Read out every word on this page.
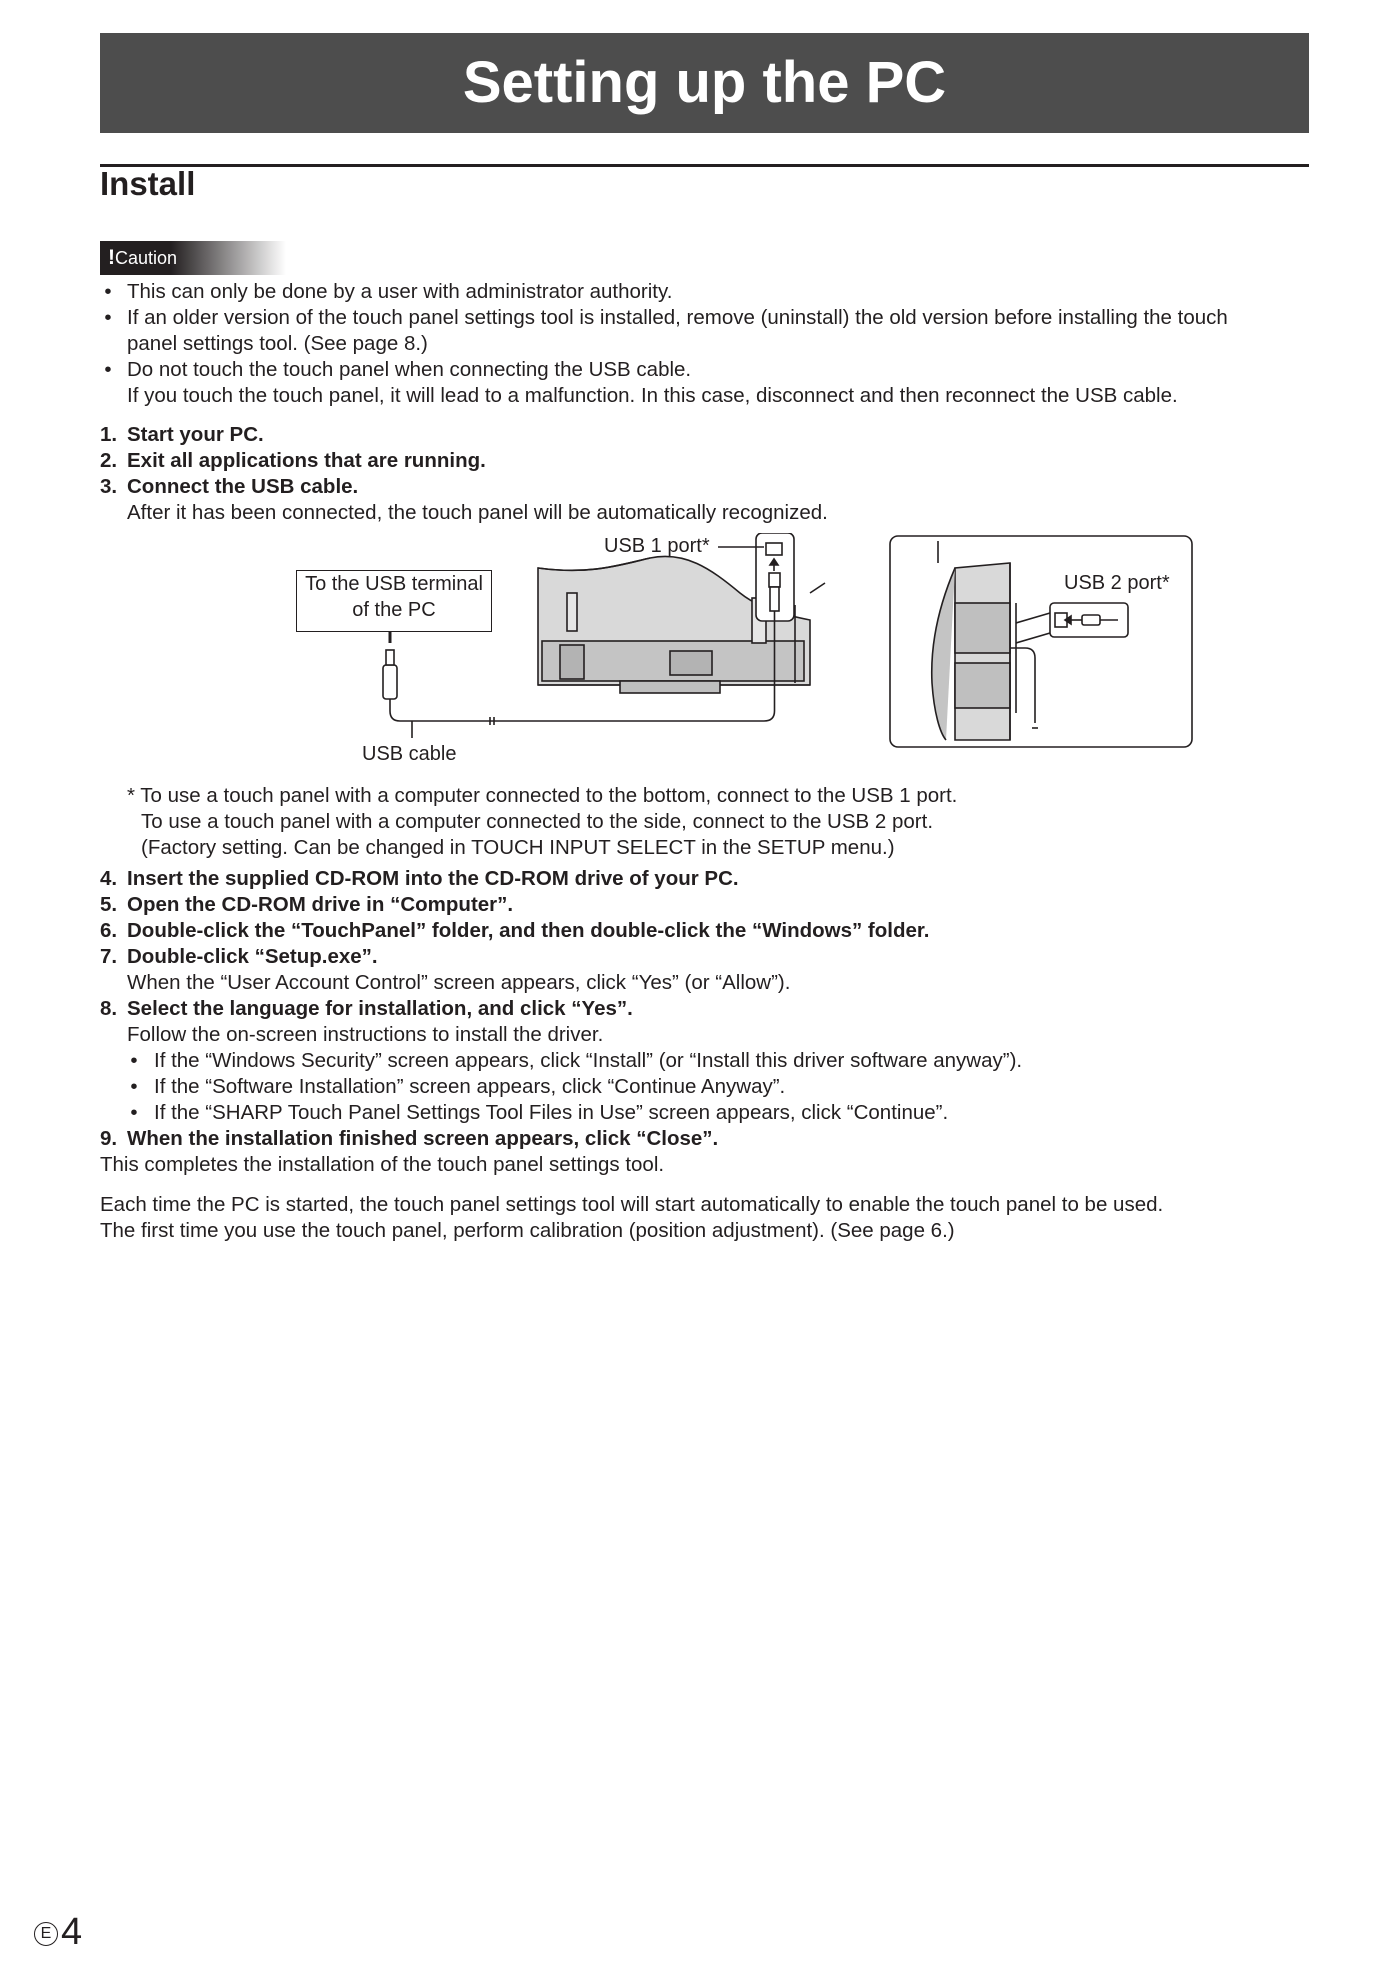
Setting up the PC
Install
!Caution
• This can only be done by a user with administrator authority.
• If an older version of the touch panel settings tool is installed, remove (uninstall) the old version before installing the touch
panel settings tool. (See page 8.)
• Do not touch the touch panel when connecting the USB cable.
If you touch the touch panel, it will lead to a malfunction. In this case, disconnect and then reconnect the USB cable.
1. Start your PC.
2. Exit all applications that are running.
3. Connect the USB cable.
After it has been connected, the touch panel will be automatically recognized.
USB 1 port*
USB 2 port*
To the USB terminal
of the PC
USB cable
* To use a touch panel with a computer connected to the bottom, connect to the USB 1 port.
To use a touch panel with a computer connected to the side, connect to the USB 2 port.
(Factory setting. Can be changed in TOUCH INPUT SELECT in the SETUP menu.)
4. Insert the supplied CD-ROM into the CD-ROM drive of your PC.
5. Open the CD-ROM drive in “Computer”.
6. Double-click the “TouchPanel” folder, and then double-click the “Windows” folder.
7. Double-click “Setup.exe”.
When the “User Account Control” screen appears, click “Yes” (or “Allow”).
8. Select the language for installation, and click “Yes”.
Follow the on-screen instructions to install the driver.
• If the “Windows Security” screen appears, click “Install” (or “Install this driver software anyway”).
• If the “Software Installation” screen appears, click “Continue Anyway”.
• If the “SHARP Touch Panel Settings Tool Files in Use” screen appears, click “Continue”.
9. When the installation finished screen appears, click “Close”.
This completes the installation of the touch panel settings tool.
Each time the PC is started, the touch panel settings tool will start automatically to enable the touch panel to be used.
The first time you use the touch panel, perform calibration (position adjustment). (See page 6.)
E 4
